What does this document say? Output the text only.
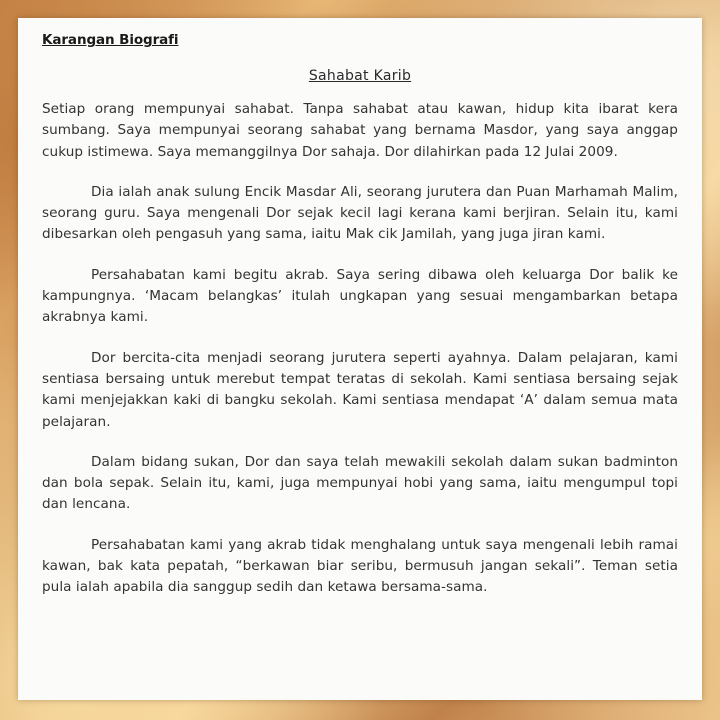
Karangan Biografi
Sahabat Karib

Setiap orang mempunyai sahabat. Tanpa sahabat atau kawan, hidup kita ibarat kera sumbang. Saya mempunyai seorang sahabat yang bernama Masdor, yang saya anggap cukup istimewa. Saya memanggilnya Dor sahaja. Dor dilahirkan pada 12 Julai 2009.

Dia ialah anak sulung Encik Masdar Ali, seorang jurutera dan Puan Marhamah Malim, seorang guru. Saya mengenali Dor sejak kecil lagi kerana kami berjiran. Selain itu, kami dibesarkan oleh pengasuh yang sama, iaitu Mak cik Jamilah, yang juga jiran kami.

Persahabatan kami begitu akrab. Saya sering dibawa oleh keluarga Dor balik ke kampungnya. ‘Macam belangkas’ itulah ungkapan yang sesuai mengambarkan betapa akrabnya kami.

Dor bercita-cita menjadi seorang jurutera seperti ayahnya. Dalam pelajaran, kami sentiasa bersaing untuk merebut tempat teratas di sekolah. Kami sentiasa bersaing sejak kami menjejakkan kaki di bangku sekolah. Kami sentiasa mendapat ‘A’ dalam semua mata pelajaran.

Dalam bidang sukan, Dor dan saya telah mewakili sekolah dalam sukan badminton dan bola sepak. Selain itu, kami, juga mempunyai hobi yang sama, iaitu mengumpul topi dan lencana.

Persahabatan kami yang akrab tidak menghalang untuk saya mengenali lebih ramai kawan, bak kata pepatah, “berkawan biar seribu, bermusuh jangan sekali”. Teman setia pula ialah apabila dia sanggup sedih dan ketawa bersama-sama.
